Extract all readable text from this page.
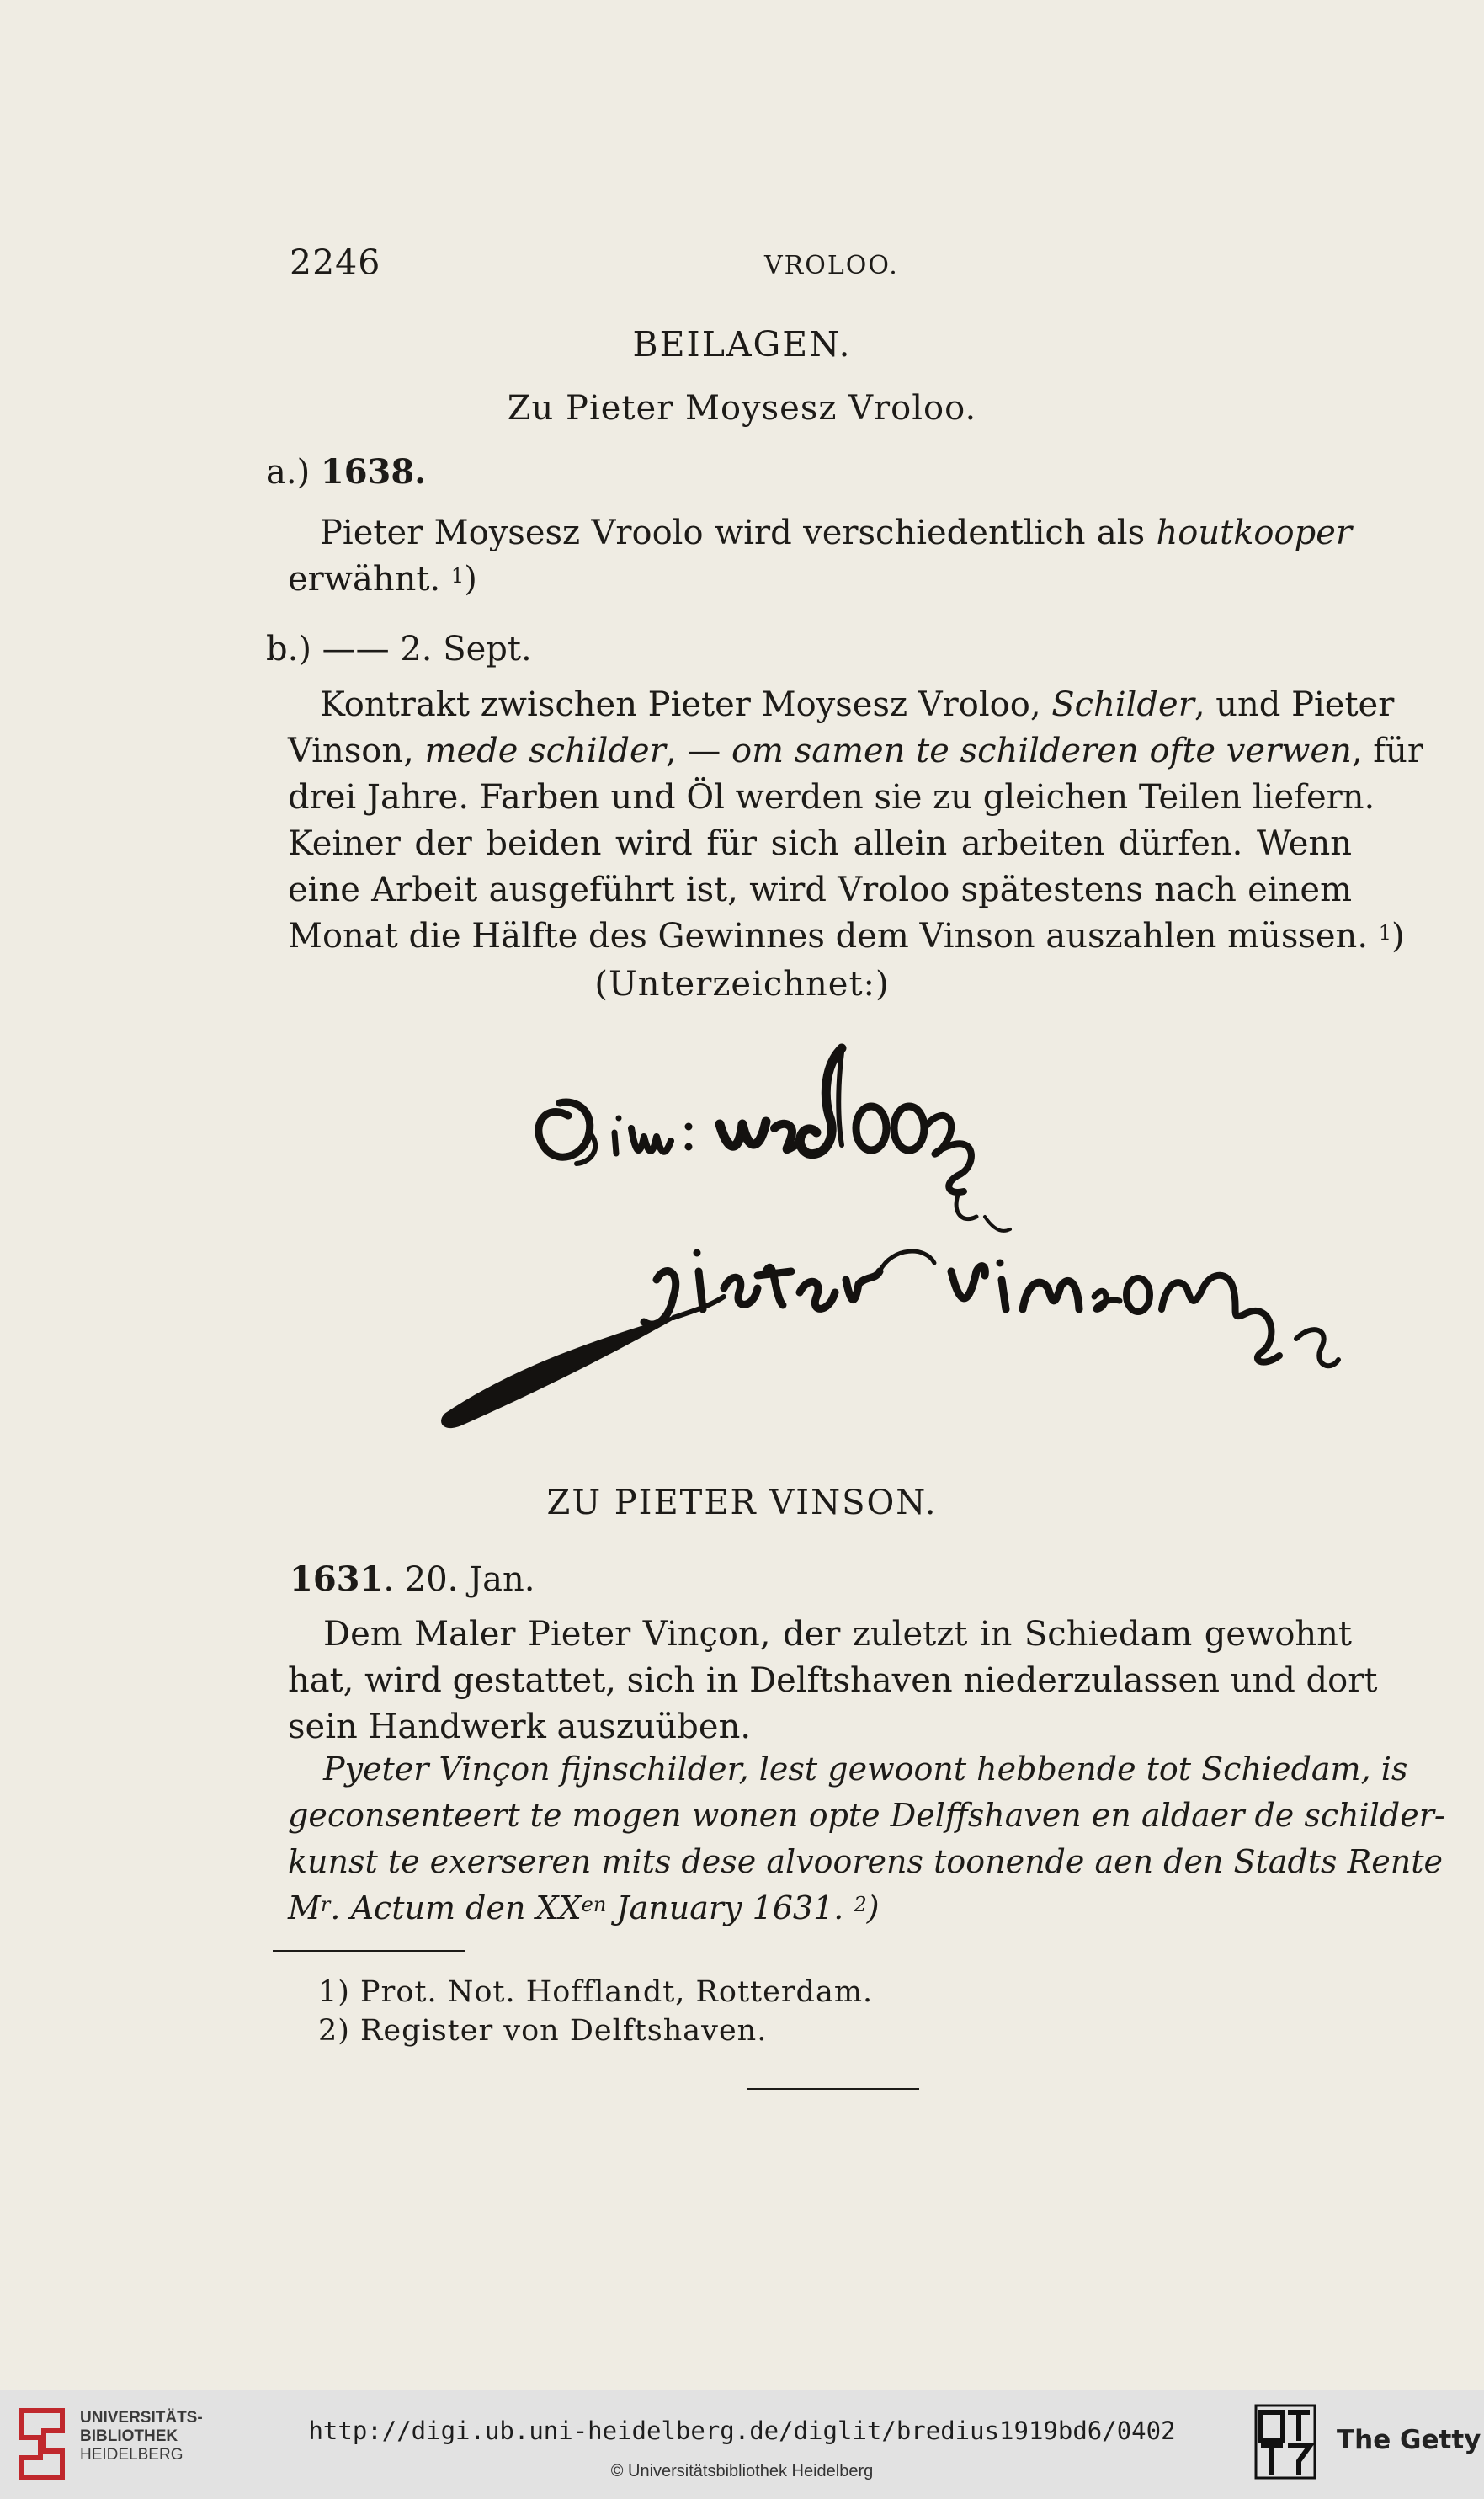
2246	VROLOO.
BEILAGEN.
Zu Pieter Moysesz Vroloo.
a.) 1638.
Pieter Moysesz Vroolo wird verschiedentlich als houtkooper
erwähnt. $^1$)
b.) —— 2. Sept.
Kontrakt zwischen Pieter Moysesz Vroloo, Schilder, und Pieter
Vinson, mede schilder, — om samen te schilderen ofte verwen, für
drei Jahre. Farben und Öl werden sie zu gleichen Teilen liefern.
Keiner der beiden wird für sich allein arbeiten dürfen. Wenn
eine Arbeit ausgeführt ist, wird Vroloo spätestens nach einem
Monat die Hälfte des Gewinnes dem Vinson auszahlen müssen. $^1$)
(Unterzeichnet:)
ZU PIETER VINSON.
1631. 20. Jan.
Dem Maler Pieter Vinçon, der zuletzt in Schiedam gewohnt
hat, wird gestattet, sich in Delftshaven niederzulassen und dort
sein Handwerk auszuüben.
Pyeter Vinçon fijnschilder, lest gewoont hebbende tot Schiedam, is
geconsenteert te mogen wonen opte Delffshaven en aldaer de schilder-
kunst te exerseren mits dese alvoorens toonende aen den Stadts Rente
$M^r$. Actum den $XX^{en}$ January 1631. $^2$)
1) Prot. Not. Hofflandt, Rotterdam.
2) Register von Delftshaven.
UNIVERSITÄTS-
BIBLIOTHEK
HEIDELBERG
http://digi.ub.uni-heidelberg.de/diglit/bredius1919bd6/0402
© Universitätsbibliothek Heidelberg
The Getty
